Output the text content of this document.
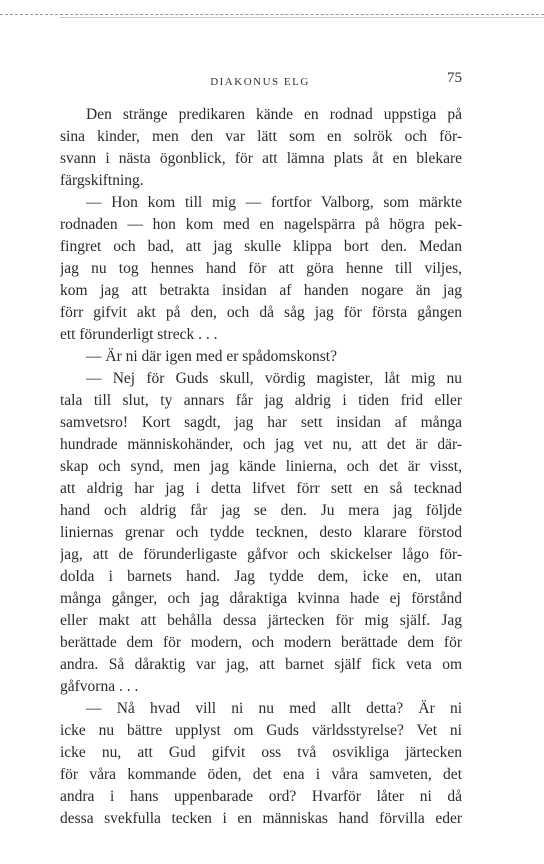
DIAKONUS ELG	75
Den stränge predikaren kände en rodnad uppstiga på
sina kinder, men den var lätt som en solrök och för-
svann i nästa ögonblick, för att lämna plats åt en blekare
färgskiftning.
— Hon kom till mig — fortfor Valborg, som märkte
rodnaden — hon kom med en nagelspärra på högra pek-
fingret och bad, att jag skulle klippa bort den. Medan
jag nu tog hennes hand för att göra henne till viljes,
kom jag att betrakta insidan af handen nogare än jag
förr gifvit akt på den, och då såg jag för första gången
ett förunderligt streck . . .
— Är ni där igen med er spådomskonst?
— Nej för Guds skull, vördig magister, låt mig nu
tala till slut, ty annars får jag aldrig i tiden frid eller
samvetsro! Kort sagdt, jag har sett insidan af många
hundrade människohänder, och jag vet nu, att det är där-
skap och synd, men jag kände linierna, och det är visst,
att aldrig har jag i detta lifvet förr sett en så tecknad
hand och aldrig får jag se den. Ju mera jag följde
liniernas grenar och tydde tecknen, desto klarare förstod
jag, att de förunderligaste gåfvor och skickelser lågo för-
dolda i barnets hand. Jag tydde dem, icke en, utan
många gånger, och jag dåraktiga kvinna hade ej förstånd
eller makt att behålla dessa järtecken för mig själf. Jag
berättade dem för modern, och modern berättade dem för
andra. Så dåraktig var jag, att barnet själf fick veta om
gåfvorna . . .
— Nå hvad vill ni nu med allt detta? Är ni
icke nu bättre upplyst om Guds världsstyrelse? Vet ni
icke nu, att Gud gifvit oss två osvikliga järtecken
för våra kommande öden, det ena i våra samveten, det
andra i hans uppenbarade ord? Hvarför låter ni då
dessa svekfulla tecken i en människas hand förvilla eder
